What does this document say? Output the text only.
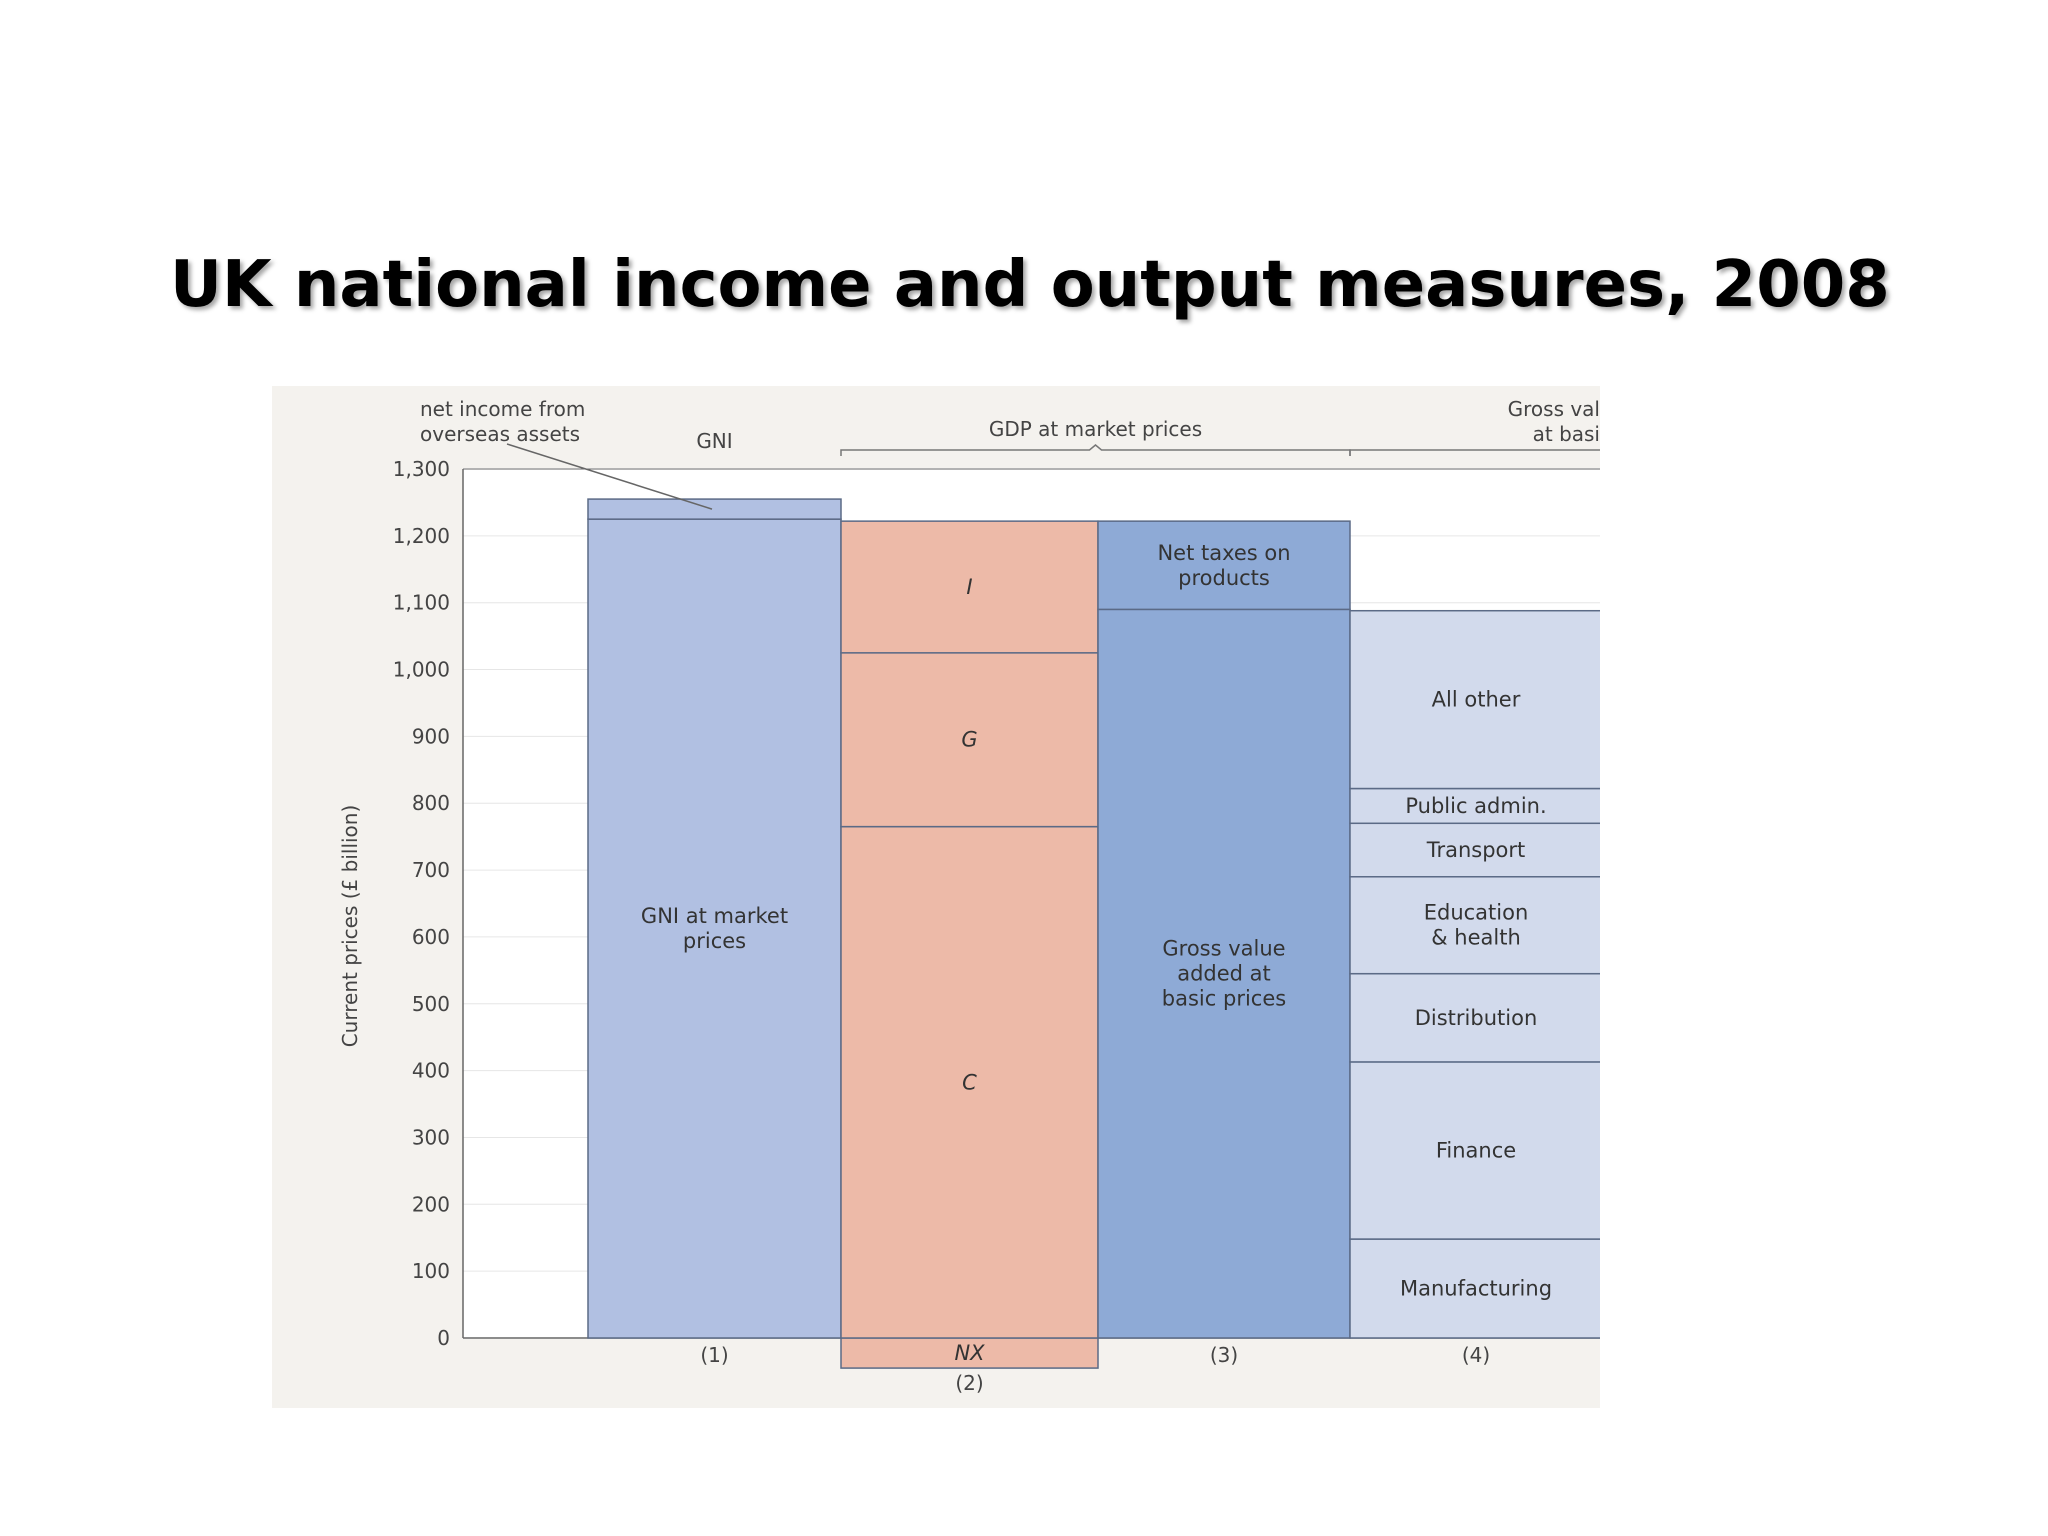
UK national income and output measures, 2008
0
100
200
300
400
500
600
700
800
900
1,000
1,100
1,200
1,300
Current prices (£ billion)	GNI at market
prices
(1)	NX
C
G
I
(2)
Gross value
added at
basic prices
Net taxes on
products
(3)
Manufacturing
Finance
Distribution
Education
& health
Transport
Public admin.
All other
(4)
GNI	GDP at market prices
Gross val
at basi
net income from
overseas assets
